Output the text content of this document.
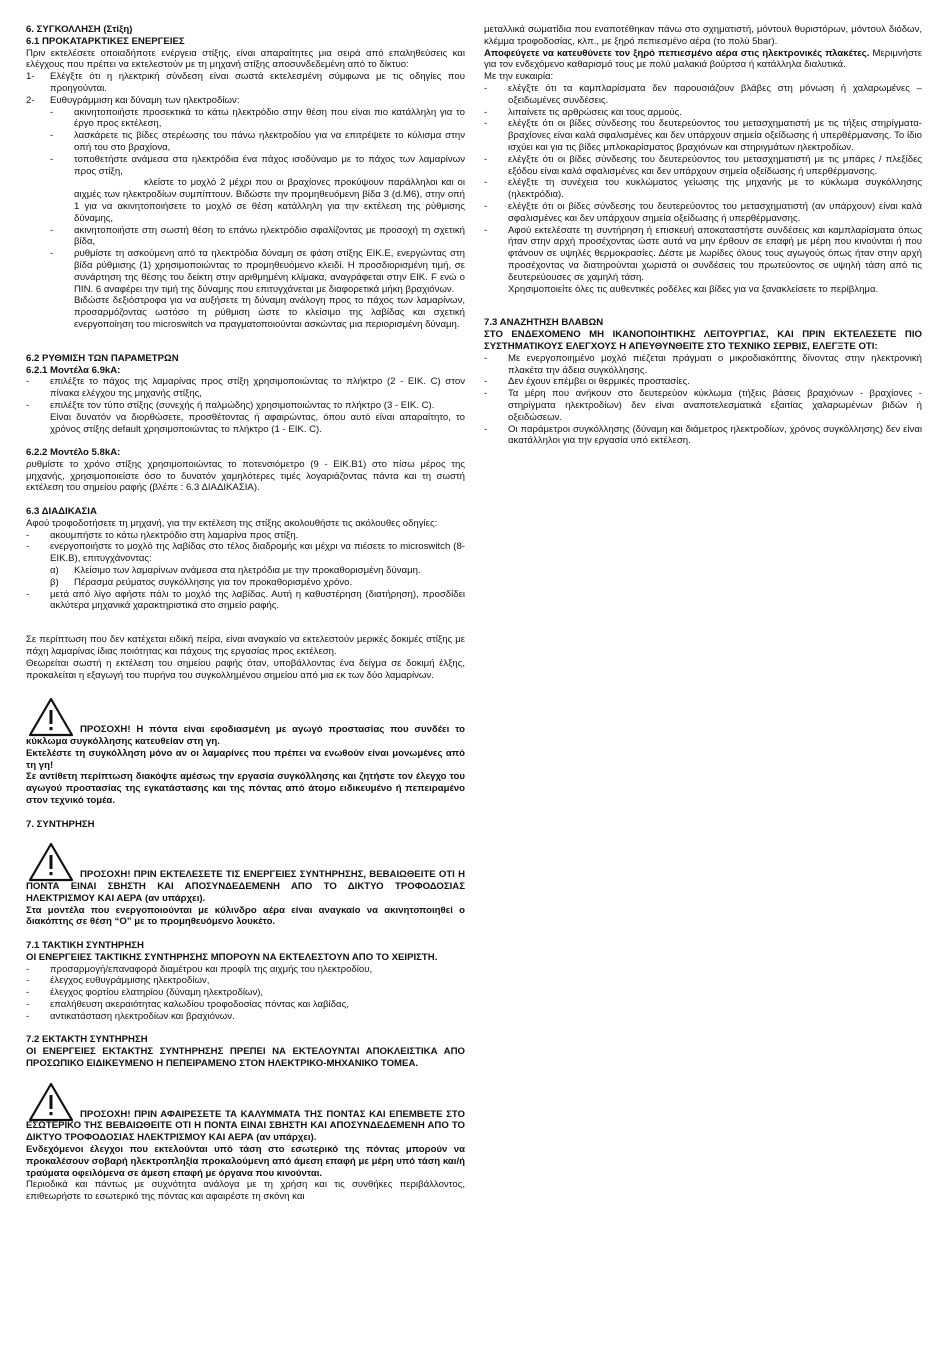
6. ΣΥΓΚΟΛΛΗΣΗ (Στίξη)

6.1 ΠΡΟΚΑΤΑΡΚΤΙΚΕΣ ΕΝΕΡΓΕΙΕΣ

Πριν εκτελέσετε οποιαδήποτε ενέργεια στίξης, είναι απαραίτητες μια σειρά από επαληθεύσεις και ελέγχους που πρέπει να εκτελεστούν με τη μηχανή στίξης αποσυνδεδεμένη από το δίκτυο:

1-	Ελέγξτε ότι η ηλεκτρική σύνδεση είναι σωστά εκτελεσμένη σύμφωνα με τις οδηγίες που προηγούνται.
2-	Ευθυγράμμιση και δύναμη των ηλεκτροδίων:
-	ακινητοποιήστε προσεκτικά το κάτω ηλεκτρόδιο στην θέση που είναι πιο κατάλληλη για το έργο προς εκτέλεση,
-	λασκάρετε τις βίδες στερέωσης του πάνω ηλεκτροδίου για να επιτρέψετε το κύλισμα στην οπή του στο βραχίονα,
-	τοποθετήστε ανάμεσα στα ηλεκτρόδια ένα πάχος ισοδύναμο με το πάχος των λαμαρίνων προς στίξη,

κλείστε το μοχλό 2 μέχρι που οι βραχίονες προκύψουν παράλληλοι και οι αιχμές των ηλεκτροδίων συμπίπτουν. Βιδώστε την προμηθευόμενη βίδα 3 (d.M6), στην οπή 1 για να ακινητοποιήσετε το μοχλό σε θέση κατάλληλη για την εκτέλεση της ρύθμισης δύναμης,

-	ακινητοποιήστε στη σωστή θέση το επάνω ηλεκτρόδιο σφαλίζοντας με προσοχή τη σχετική βίδα,
-	ρυθμίστε τη ασκούμενη από τα ηλεκτρόδια δύναμη σε φάση στίξης ΕΙΚ.Ε, ενεργώντας στη βίδα ρύθμισης (1) χρησιμοποιώντας το προμηθευόμενο κλειδί. Η προσδιορισμένη τιμή, σε συνάρτηση της θέσης του δείκτη στην αριθμημένη κλίμακα, αναγράφεται στην ΕΙΚ. F ενώ ο ΠΙΝ. 6 αναφέρει την τιμή της δύναμης που επιτυγχάνεται με διαφορετικά μήκη βραχιόνων.

Βιδώστε δεξιόστροφα για να αυξήσετε τη δύναμη ανάλογη προς το πάχος των λαμαρίνων, προσαρμόζοντας ωστόσο τη ρύθμιση ώστε το κλείσιμο της λαβίδας και σχετική ενεργοποίηση του microswitch να πραγματοποιούνται ασκώντας μια περιορισμένη δύναμη.

6.2 ΡΥΘΜΙΣΗ ΤΩΝ ΠΑΡΑΜΕΤΡΩΝ

6.2.1 Μοντέλα 6.9kA:

-	επιλέξτε το πάχος της λαμαρίνας προς στίξη χρησιμοποιώντας το πλήκτρο (2 - ΕΙΚ. C) στον πίνακα ελέγχου της μηχανής στίξης,
-	επιλέξτε τον τύπο στίξης (συνεχής ή παλμώδης) χρησιμοποιώντας το πλήκτρο (3 - ΕΙΚ. C).

Είναι δυνατόν να διορθώσετε, προσθέτοντας ή αφαιρώντας, όπου αυτό είναι απαραίτητο, το χρόνος στίξης default χρησιμοποιώντας το πλήκτρο (1 - ΕΙΚ. C).

6.2.2 Μοντέλο 5.8kA:

ρυθμίστε το χρόνο στίξης χρησιμοποιώντας το ποτενσιόμετρο (9 - ΕΙΚ.Β1) στο πίσω μέρος της μηχανής, χρησιμοποιείστε όσο το δυνατόν χαμηλότερες τιμές λογαριάζοντας πάντα και τη σωστή εκτέλεση του σημείου ραφής (βλέπε : 6.3 ΔΙΑΔΙΚΑΣΙΑ).

6.3 ΔΙΑΔΙΚΑΣΙΑ

Αφού τροφοδοτήσετε τη μηχανή, για την εκτέλεση της στίξης ακολουθήστε τις ακόλουθες οδηγίες:

-	ακουμπήστε το κάτω ηλεκτρόδιο στη λαμαρίνα προς στίξη.
-	ενεργοποιήστε το μοχλό της λαβίδας στο τέλος διαδρομής και μέχρι να πιέσετε το microswitch (8-ΕΙΚ.Β), επιτυγχάνοντας:
α)	Κλείσιμο των λαμαρίνων ανάμεσα στα ηλετρόδια με την προκαθορισμένη δύναμη.
β)	Πέρασμα ρεύματος συγκόλλησης για τον προκαθορισμένο χρόνο.
-	μετά από λίγο αφήστε πάλι το μοχλό της λαβίδας. Αυτή η καθυστέρηση (διατήρηση), προσδίδει ακλύτερα μηχανικά χαρακτηριστικά στο σημείο ραφής.

Σε περίπτωση που δεν κατέχεται ειδική πείρα, είναι αναγκαίο να εκτελεστούν μερικές δοκιμές στίξης με πάχη λαμαρίνας ίδιας ποιότητας και πάχους της εργασίας προς εκτέλεση.

Θεωρείται σωστή η εκτέλεση του σημείου ραφής όταν, υποβάλλοντας ένα δείγμα σε δοκιμή έλξης, προκαλείται η εξαγωγή του πυρήνα του συγκολλημένου σημείου από μια εκ των δύο λαμαρίνων.

ΠΡΟΣΟΧΗ! Η πόντα είναι εφοδιασμένη με αγωγό προστασίας που συνδέει το κύκλωμα συγκόλλησης κατευθείαν στη γη.

Εκτελέστε τη συγκόλληση μόνο αν οι λαμαρίνες που πρέπει να ενωθούν είναι μονωμένες από τη γη!

Σε αντίθετη περίπτωση διακόψτε αμέσως την εργασία συγκόλλησης και ζητήστε τον έλεγχο του αγωγού προστασίας της εγκατάστασης και της πόντας από άτομο ειδικευμένο ή πεπειραμένο στον τεχνικό τομέα.

7. ΣΥΝΤΗΡΗΣΗ

ΠΡΟΣΟΧΗ! ΠΡΙΝ ΕΚΤΕΛΕΣΕΤΕ ΤΙΣ ΕΝΕΡΓΕΙΕΣ ΣΥΝΤΗΡΗΣΗΣ, ΒΕΒΑΙΩΘΕΙΤΕ ΟΤΙ Η ΠΟΝΤΑ ΕΙΝΑΙ ΣΒΗΣΤΗ ΚΑΙ ΑΠΟΣΥΝΔΕΔΕΜΕΝΗ ΑΠΟ ΤΟ ΔΙΚΤΥΟ ΤΡΟΦΟΔΟΣΙΑΣ ΗΛΕΚΤΡΙΣΜΟΥ ΚΑΙ ΑΕΡΑ (αν υπάρχει).

Στα μοντέλα που ενεργοποιούνται με κύλινδρο αέρα είναι αναγκαίο να ακινητοποιηθεί ο διακόπτης σε θέση “O” με το προμηθευόμενο λουκέτο.

7.1 ΤΑΚΤΙΚΗ ΣΥΝΤΗΡΗΣΗ

ΟΙ ΕΝΕΡΓΕΙΕΣ ΤΑΚΤΙΚΗΣ ΣΥΝΤΗΡΗΣΗΣ ΜΠΟΡΟΥΝ ΝΑ ΕΚΤΕΛΕΣΤΟΥΝ ΑΠΟ ΤΟ ΧΕΙΡΙΣΤΗ.

-	προσαρμογή/επαναφορά διαμέτρου και προφίλ της αιχμής του ηλεκτροδίου,
-	έλεγχος ευθυγράμμισης ηλεκτροδίων,
-	έλεγχος φορτίου ελατηρίου (δύναμη ηλεκτροδίων),
-	επαλήθευση ακεραιότητας καλωδίου τροφοδοσίας πόντας και λαβίδας,
-	αντικατάσταση ηλεκτροδίων και βραχιόνων.

7.2 ΕΚΤΑΚΤΗ ΣΥΝΤΗΡΗΣΗ

ΟΙ ΕΝΕΡΓΕΙΕΣ ΕΚΤΑΚΤΗΣ ΣΥΝΤΗΡΗΣΗΣ ΠΡΕΠΕΙ ΝΑ ΕΚΤΕΛΟΥΝΤΑΙ ΑΠΟΚΛΕΙΣΤΙΚΑ ΑΠΟ ΠΡΟΣΩΠΙΚΟ ΕΙΔΙΚΕΥΜΕΝΟ Η ΠΕΠΕΙΡΑΜΕΝΟ ΣΤΟΝ ΗΛΕΚΤΡΙΚΟ-ΜΗΧΑΝΙΚΟ ΤΟΜΕΑ.

ΠΡΟΣΟΧΗ! ΠΡΙΝ ΑΦΑΙΡΕΣΕΤΕ ΤΑ ΚΑΛΥΜΜΑΤΑ ΤΗΣ ΠΟΝΤΑΣ ΚΑΙ ΕΠΕΜΒΕΤΕ ΣΤΟ ΕΣΩΤΕΡΙΚΟ ΤΗΣ ΒΕΒΑΙΩΘΕΙΤΕ ΟΤΙ Η ΠΟΝΤΑ ΕΙΝΑΙ ΣΒΗΣΤΗ ΚΑΙ ΑΠΟΣΥΝΔΕΔΕΜΕΝΗ ΑΠΟ ΤΟ ΔΙΚΤΥΟ ΤΡΟΦΟΔΟΣΙΑΣ ΗΛΕΚΤΡΙΣΜΟΥ ΚΑΙ ΑΕΡΑ (αν υπάρχει).

Ενδεχόμενοι έλεγχοι που εκτελούνται υπό τάση στο εσωτερικό της πόντας μπορούν να προκαλέσουν σοβαρή ηλεκτροπληξία προκαλούμενη από άμεση επαφή με μέρη υπό τάση και/ή τραύματα οφειλόμενα σε άμεση επαφή με όργανα που κινούνται.

Περιοδικά και πάντως με συχνότητα ανάλογα με τη χρήση και τις συνθήκες περιβάλλοντος, επιθεωρήστε το εσωτερικό της πόντας και αφαιρέστε τη σκόνη και

μεταλλικά σωματίδια που εναποτέθηκαν πάνω στο σχηματιστή, μόντουλ θυριστόρων, μόντουλ διόδων, κλέμμα τροφοδοσίας, κλπ., με ξηρό πεπιεσμένο αέρα (το πολύ 5bar).

Αποφεύγετε να κατευθύνετε τον ξηρό πεπιεσμένο αέρα στις ηλεκτρονικές πλακέτες. Μεριμνήστε για τον ενδεχόμενο καθαρισμό τους με πολύ μαλακιά βούρτσα ή κατάλληλα διαλυτικά.

Με την ευκαιρία:

-	ελέγξτε ότι τα καμπλαρίσματα δεν παρουσιάζουν βλάβες στη μόνωση ή χαλαρωμένες – οξειδωμένες συνδέσεις.
-	λιπαίνετε τις αρθρώσεις και τους αρμούς.
-	ελέγξτε ότι οι βίδες σύνδεσης του δευτερεύοντος του μετασχηματιστή με τις τήξεις στηρίγματα-βραχίονες είναι καλά σφαλισμένες και δεν υπάρχουν σημεία οξείδωσης ή υπερθέρμανσης. Το ίδιο ισχύει και για τις βίδες μπλοκαρίσματος βραχιόνων και στηριγμάτων ηλεκτροδίων.
-	ελέγξτε ότι οι βίδες σύνδεσης του δευτερεύοντος του μετασχηματιστή με τις μπάρες / πλεξίδες εξόδου είναι καλά σφαλισμένες και δεν υπάρχουν σημεία οξείδωσης ή υπερθέρμανσης.
-	ελέγξτε τη συνέχεια του κυκλώματος γείωσης της μηχανής με το κύκλωμα συγκόλλησης (ηλεκτρόδια).
-	ελέγξτε ότι οι βίδες σύνδεσης του δευτερεύοντος του μετασχηματιστή (αν υπάρχουν) είναι καλά σφαλισμένες και δεν υπάρχουν σημεία οξείδωσης ή υπερθέρμανσης.
-	Αφού εκτελέσατε τη συντήρηση ή επισκευή αποκαταστήστε συνδέσεις και καμπλαρίσματα όπως ήταν στην αρχή προσέχοντας ώστε αυτά να μην έρθουν σε επαφή με μέρη που κινούνται ή που φτάνουν σε υψηλές θερμοκρασίες. Δέστε με λωρίδες όλους τους αγωγούς όπως ήταν στην αρχή προσέχοντας να διατηρούνται χωριστά οι συνδέσεις του πρωτεύοντος σε υψηλή τάση από τις δευτερεύουσες σε χαμηλή τάση.

Χρησιμοποιείτε όλες τις αυθεντικές ροδέλες και βίδες για να ξανακλείσετε το περίβλημα.

7.3 ΑΝΑΖΗΤΗΣΗ ΒΛΑΒΩΝ

ΣΤΟ ΕΝΔΕΧΟΜΕΝΟ ΜΗ ΙΚΑΝΟΠΟΙΗΤΙΚΗΣ ΛΕΙΤΟΥΡΓΙΑΣ, ΚΑΙ ΠΡΙΝ ΕΚΤΕΛΕΣΕΤΕ ΠΙΟ ΣΥΣΤΗΜΑΤΙΚΟΥΣ ΕΛΕΓΧΟΥΣ Η ΑΠΕΥΘΥΝΘΕΙΤΕ ΣΤΟ ΤΕΧΝΙΚΟ ΣΕΡΒΙΣ, ΕΛΕΓΞΤΕ ΟΤΙ:

-	Με ενεργοποιημένο μοχλό πιέζεται πράγματι ο μικροδιακόπτης δίνοντας στην ηλεκτρονική πλακέτα την άδεια συγκόλλησης.
-	Δεν έχουν επέμβει οι θερμικές προστασίες.
-	Τα μέρη που ανήκουν στο δευτερεύον κύκλωμα (τήξεις βάσεις βραχιόνων - βραχίονες - στηρίγματα ηλεκτροδίων) δεν είναι αναποτελεσματικά εξαιτίας χαλαρωμένων βιδών ή οξειδώσεων.
-	Οι παράμετροι συγκόλλησης (δύναμη και διάμετρος ηλεκτροδίων, χρόνος συγκόλλησης) δεν είναι ακατάλληλοι για την εργασία υπό εκτέλεση.
